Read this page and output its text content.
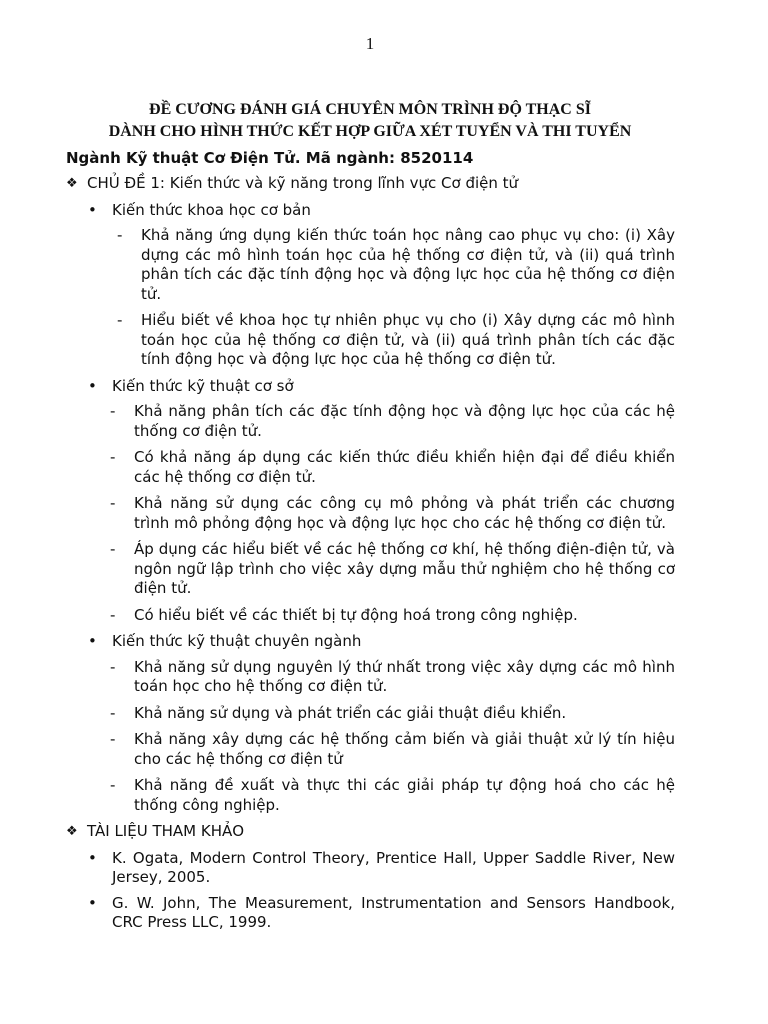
1
ĐỀ CƯƠNG ĐÁNH GIÁ CHUYÊN MÔN TRÌNH ĐỘ THẠC SĨ
DÀNH CHO HÌNH THỨC KẾT HỢP GIỮA XÉT TUYỂN VÀ THI TUYỂN
Ngành Kỹ thuật Cơ Điện Tử. Mã ngành: 8520114
❖ CHỦ ĐỀ 1: Kiến thức và kỹ năng trong lĩnh vực Cơ điện tử
• Kiến thức khoa học cơ bản
- Khả năng ứng dụng kiến thức toán học nâng cao phục vụ cho: (i) Xây dựng các mô hình toán học của hệ thống cơ điện tử, và (ii) quá trình phân tích các đặc tính động học và động lực học của hệ thống cơ điện tử.
- Hiểu biết về khoa học tự nhiên phục vụ cho (i) Xây dựng các mô hình toán học của hệ thống cơ điện tử, và (ii) quá trình phân tích các đặc tính động học và động lực học của hệ thống cơ điện tử.
• Kiến thức kỹ thuật cơ sở
- Khả năng phân tích các đặc tính động học và động lực học của các hệ thống cơ điện tử.
- Có khả năng áp dụng các kiến thức điều khiển hiện đại để điều khiển các hệ thống cơ điện tử.
- Khả năng sử dụng các công cụ mô phỏng và phát triển các chương trình mô phỏng động học và động lực học cho các hệ thống cơ điện tử.
- Áp dụng các hiểu biết về các hệ thống cơ khí, hệ thống điện-điện tử, và ngôn ngữ lập trình cho việc xây dựng mẫu thử nghiệm cho hệ thống cơ điện tử.
- Có hiểu biết về các thiết bị tự động hoá trong công nghiệp.
• Kiến thức kỹ thuật chuyên ngành
- Khả năng sử dụng nguyên lý thứ nhất trong việc xây dựng các mô hình toán học cho hệ thống cơ điện tử.
- Khả năng sử dụng và phát triển các giải thuật điều khiển.
- Khả năng xây dựng các hệ thống cảm biến và giải thuật xử lý tín hiệu cho các hệ thống cơ điện tử
- Khả năng đề xuất và thực thi các giải pháp tự động hoá cho các hệ thống công nghiệp.
❖ TÀI LIỆU THAM KHẢO
• K. Ogata, Modern Control Theory, Prentice Hall, Upper Saddle River, New Jersey, 2005.
• G. W. John, The Measurement, Instrumentation and Sensors Handbook, CRC Press LLC, 1999.
